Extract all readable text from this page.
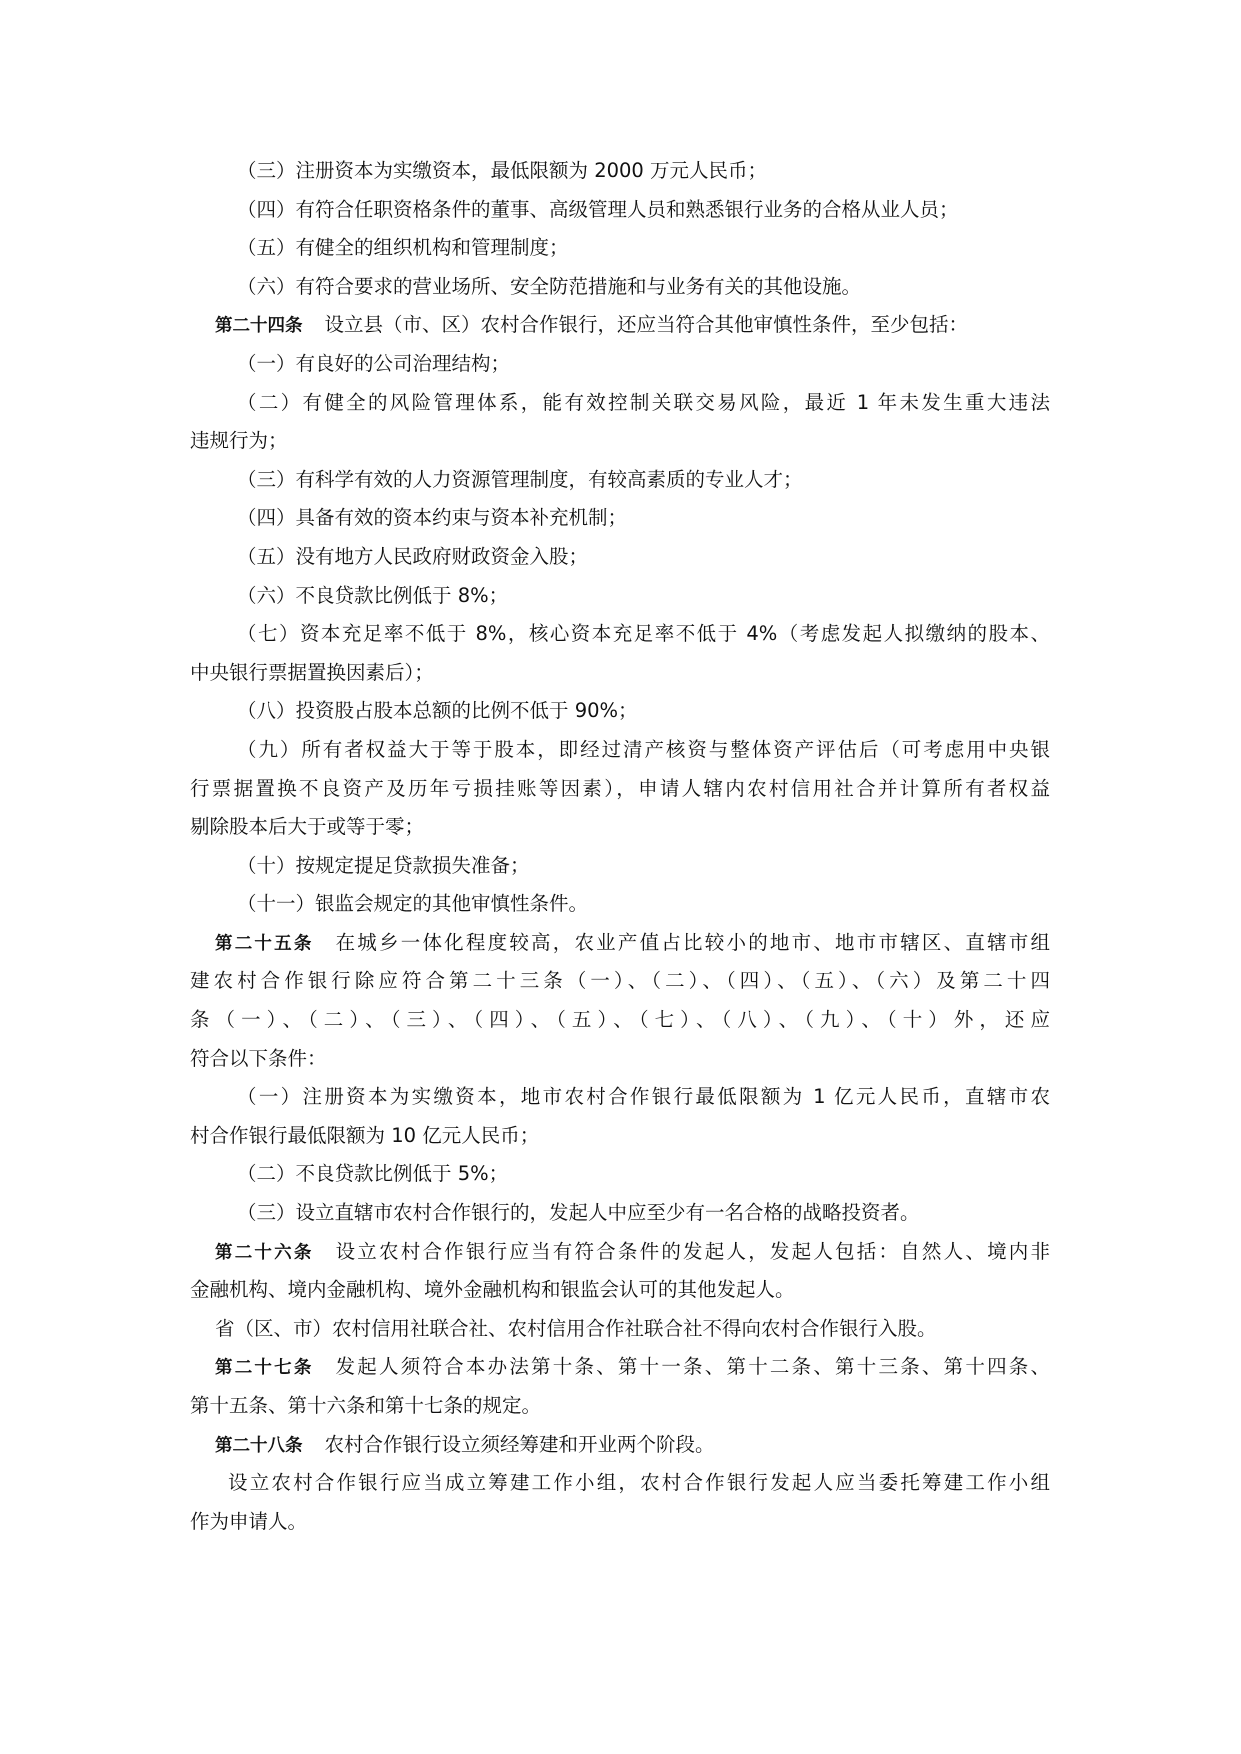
（三）注册资本为实缴资本，最低限额为 2000 万元人民币；
（四）有符合任职资格条件的董事、高级管理人员和熟悉银行业务的合格从业人员；
（五）有健全的组织机构和管理制度；
（六）有符合要求的营业场所、安全防范措施和与业务有关的其他设施。
第二十四条 设立县（市、区）农村合作银行，还应当符合其他审慎性条件，至少包括：
（一）有良好的公司治理结构；
（二）有健全的风险管理体系，能有效控制关联交易风险，最近 1 年未发生重大违法
违规行为；
（三）有科学有效的人力资源管理制度，有较高素质的专业人才；
（四）具备有效的资本约束与资本补充机制；
（五）没有地方人民政府财政资金入股；
（六）不良贷款比例低于 8%；
（七）资本充足率不低于 8%，核心资本充足率不低于 4%（考虑发起人拟缴纳的股本、
中央银行票据置换因素后）；
（八）投资股占股本总额的比例不低于 90%；
（九）所有者权益大于等于股本，即经过清产核资与整体资产评估后（可考虑用中央银
行票据置换不良资产及历年亏损挂账等因素），申请人辖内农村信用社合并计算所有者权益
剔除股本后大于或等于零；
（十）按规定提足贷款损失准备；
（十一）银监会规定的其他审慎性条件。
第二十五条 在城乡一体化程度较高，农业产值占比较小的地市、地市市辖区、直辖市组
建农村合作银行除应符合第二十三条（一）、（二）、（四）、（五）、（六）及第二十四
条（一）、（二）、（三）、（四）、（五）、（七）、（八）、（九）、（十）外，还应
符合以下条件：
（一）注册资本为实缴资本，地市农村合作银行最低限额为 1 亿元人民币，直辖市农
村合作银行最低限额为 10 亿元人民币；
（二）不良贷款比例低于 5%；
（三）设立直辖市农村合作银行的，发起人中应至少有一名合格的战略投资者。
第二十六条 设立农村合作银行应当有符合条件的发起人，发起人包括：自然人、境内非
金融机构、境内金融机构、境外金融机构和银监会认可的其他发起人。
省（区、市）农村信用社联合社、农村信用合作社联合社不得向农村合作银行入股。
第二十七条 发起人须符合本办法第十条、第十一条、第十二条、第十三条、第十四条、
第十五条、第十六条和第十七条的规定。
第二十八条 农村合作银行设立须经筹建和开业两个阶段。
设立农村合作银行应当成立筹建工作小组，农村合作银行发起人应当委托筹建工作小组
作为申请人。
